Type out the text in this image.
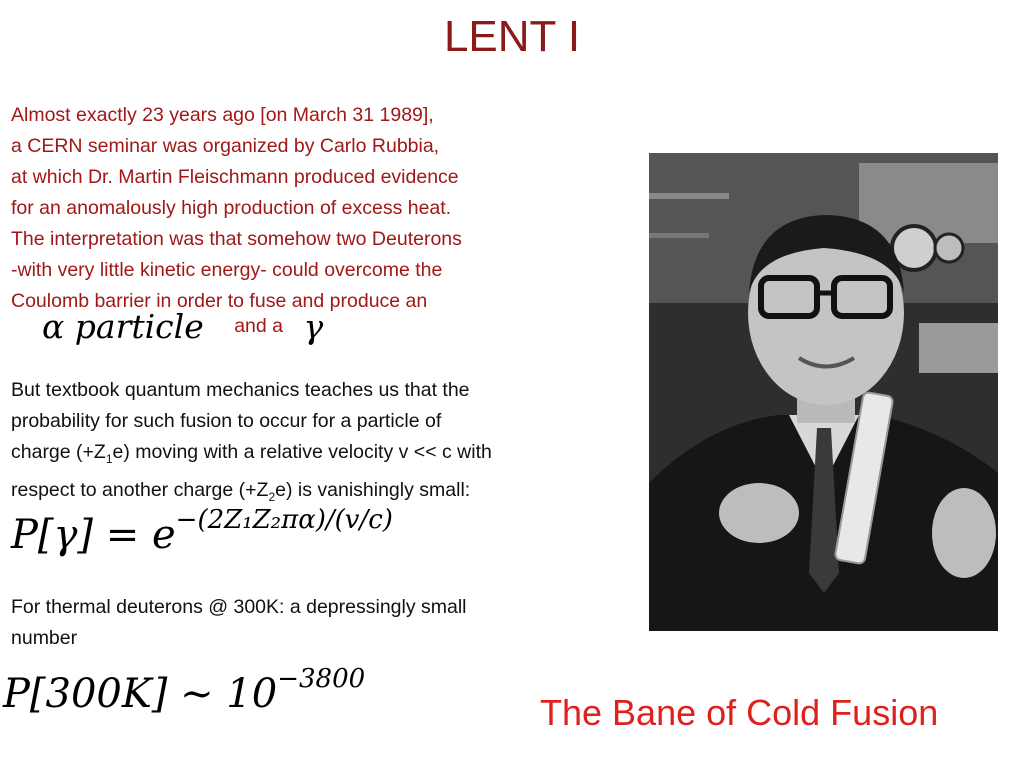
LENT I
Almost exactly 23 years ago [on March 31 1989],
a CERN seminar was organized by Carlo Rubbia,
at which Dr. Martin Fleischmann produced evidence
for an anomalously high production of excess heat.
The interpretation was that somehow two Deuterons
-with very little kinetic energy- could overcome the
Coulomb barrier in order to fuse and produce an
α particle and a γ
But textbook quantum mechanics teaches us that the
probability for such fusion to occur for a particle of
charge $(+Z_1e)$ moving with a relative velocity v << c with
respect to another charge $(+Z_2e)$ is vanishingly small:
$P[\gamma] = e^{-(2Z_1Z_2\pi\alpha)/(v/c)}$
For thermal deuterons @ 300K: a depressingly small
number
P[300K] ∼ $10^{-3800}$
The Bane of Cold Fusion
